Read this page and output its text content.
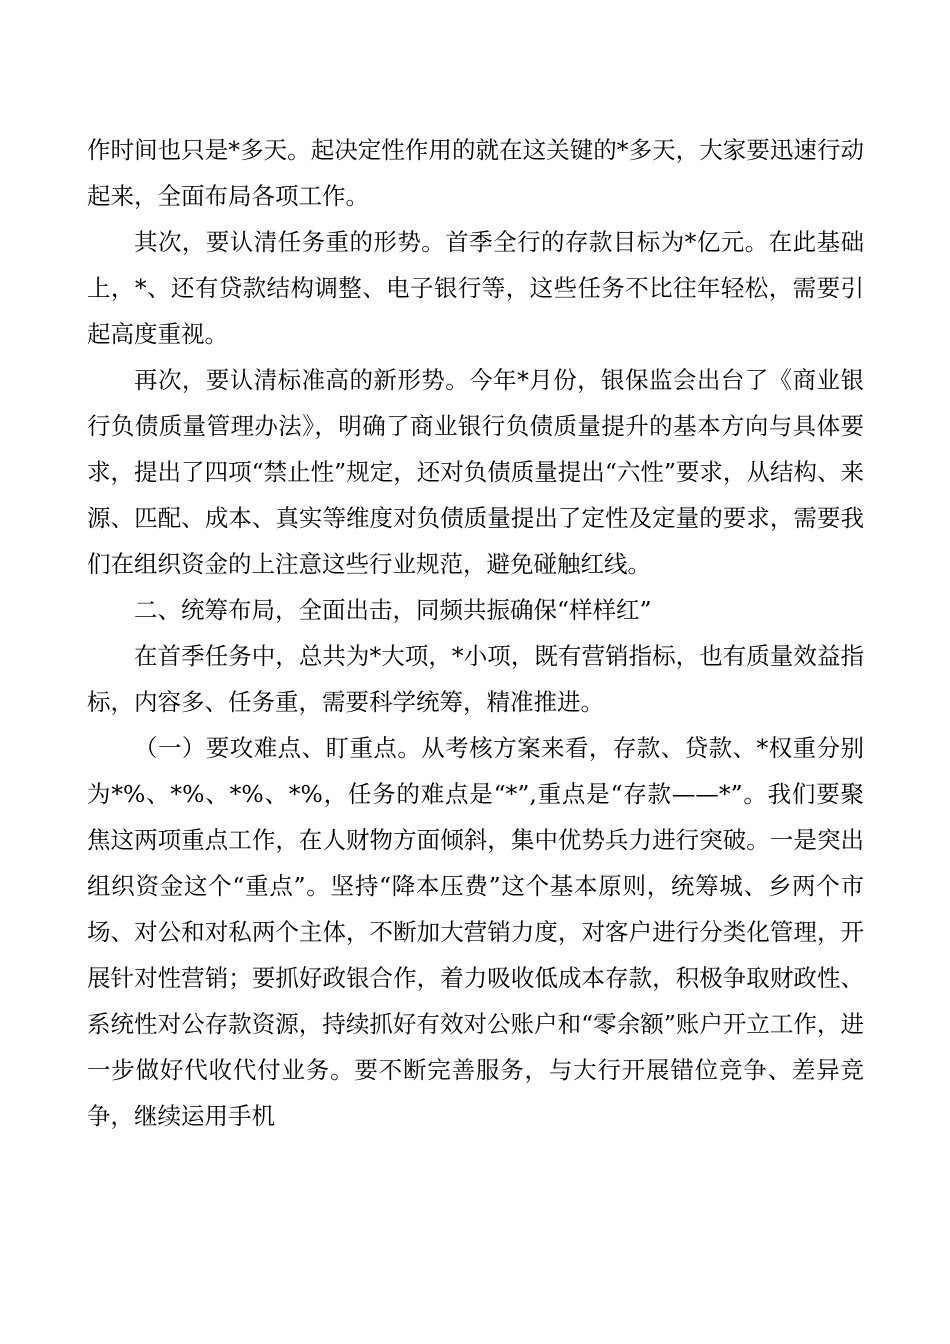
作时间也只是*多天。起决定性作用的就在这关键的*多天，大家要迅速行动起来，全面布局各项工作。

其次，要认清任务重的形势。首季全行的存款目标为*亿元。在此基础上，*、还有贷款结构调整、电子银行等，这些任务不比往年轻松，需要引起高度重视。

再次，要认清标准高的新形势。今年*月份，银保监会出台了《商业银行负债质量管理办法》，明确了商业银行负债质量提升的基本方向与具体要求，提出了四项“禁止性”规定，还对负债质量提出“六性”要求，从结构、来源、匹配、成本、真实等维度对负债质量提出了定性及定量的要求，需要我们在组织资金的上注意这些行业规范，避免碰触红线。

二、统筹布局，全面出击，同频共振确保“样样红”

在首季任务中，总共为*大项，*小项，既有营销指标，也有质量效益指标，内容多、任务重，需要科学统筹，精准推进。

（一）要攻难点、盯重点。从考核方案来看，存款、贷款、*权重分别为*%、*%、*%、*%，任务的难点是“*”,重点是“存款——*”。我们要聚焦这两项重点工作，在人财物方面倾斜，集中优势兵力进行突破。一是突出组织资金这个“重点”。坚持“降本压费”这个基本原则，统筹城、乡两个市场、对公和对私两个主体，不断加大营销力度，对客户进行分类化管理，开展针对性营销；要抓好政银合作，着力吸收低成本存款，积极争取财政性、系统性对公存款资源，持续抓好有效对公账户和“零余额”账户开立工作，进一步做好代收代付业务。要不断完善服务，与大行开展错位竞争、差异竞争，继续运用手机
